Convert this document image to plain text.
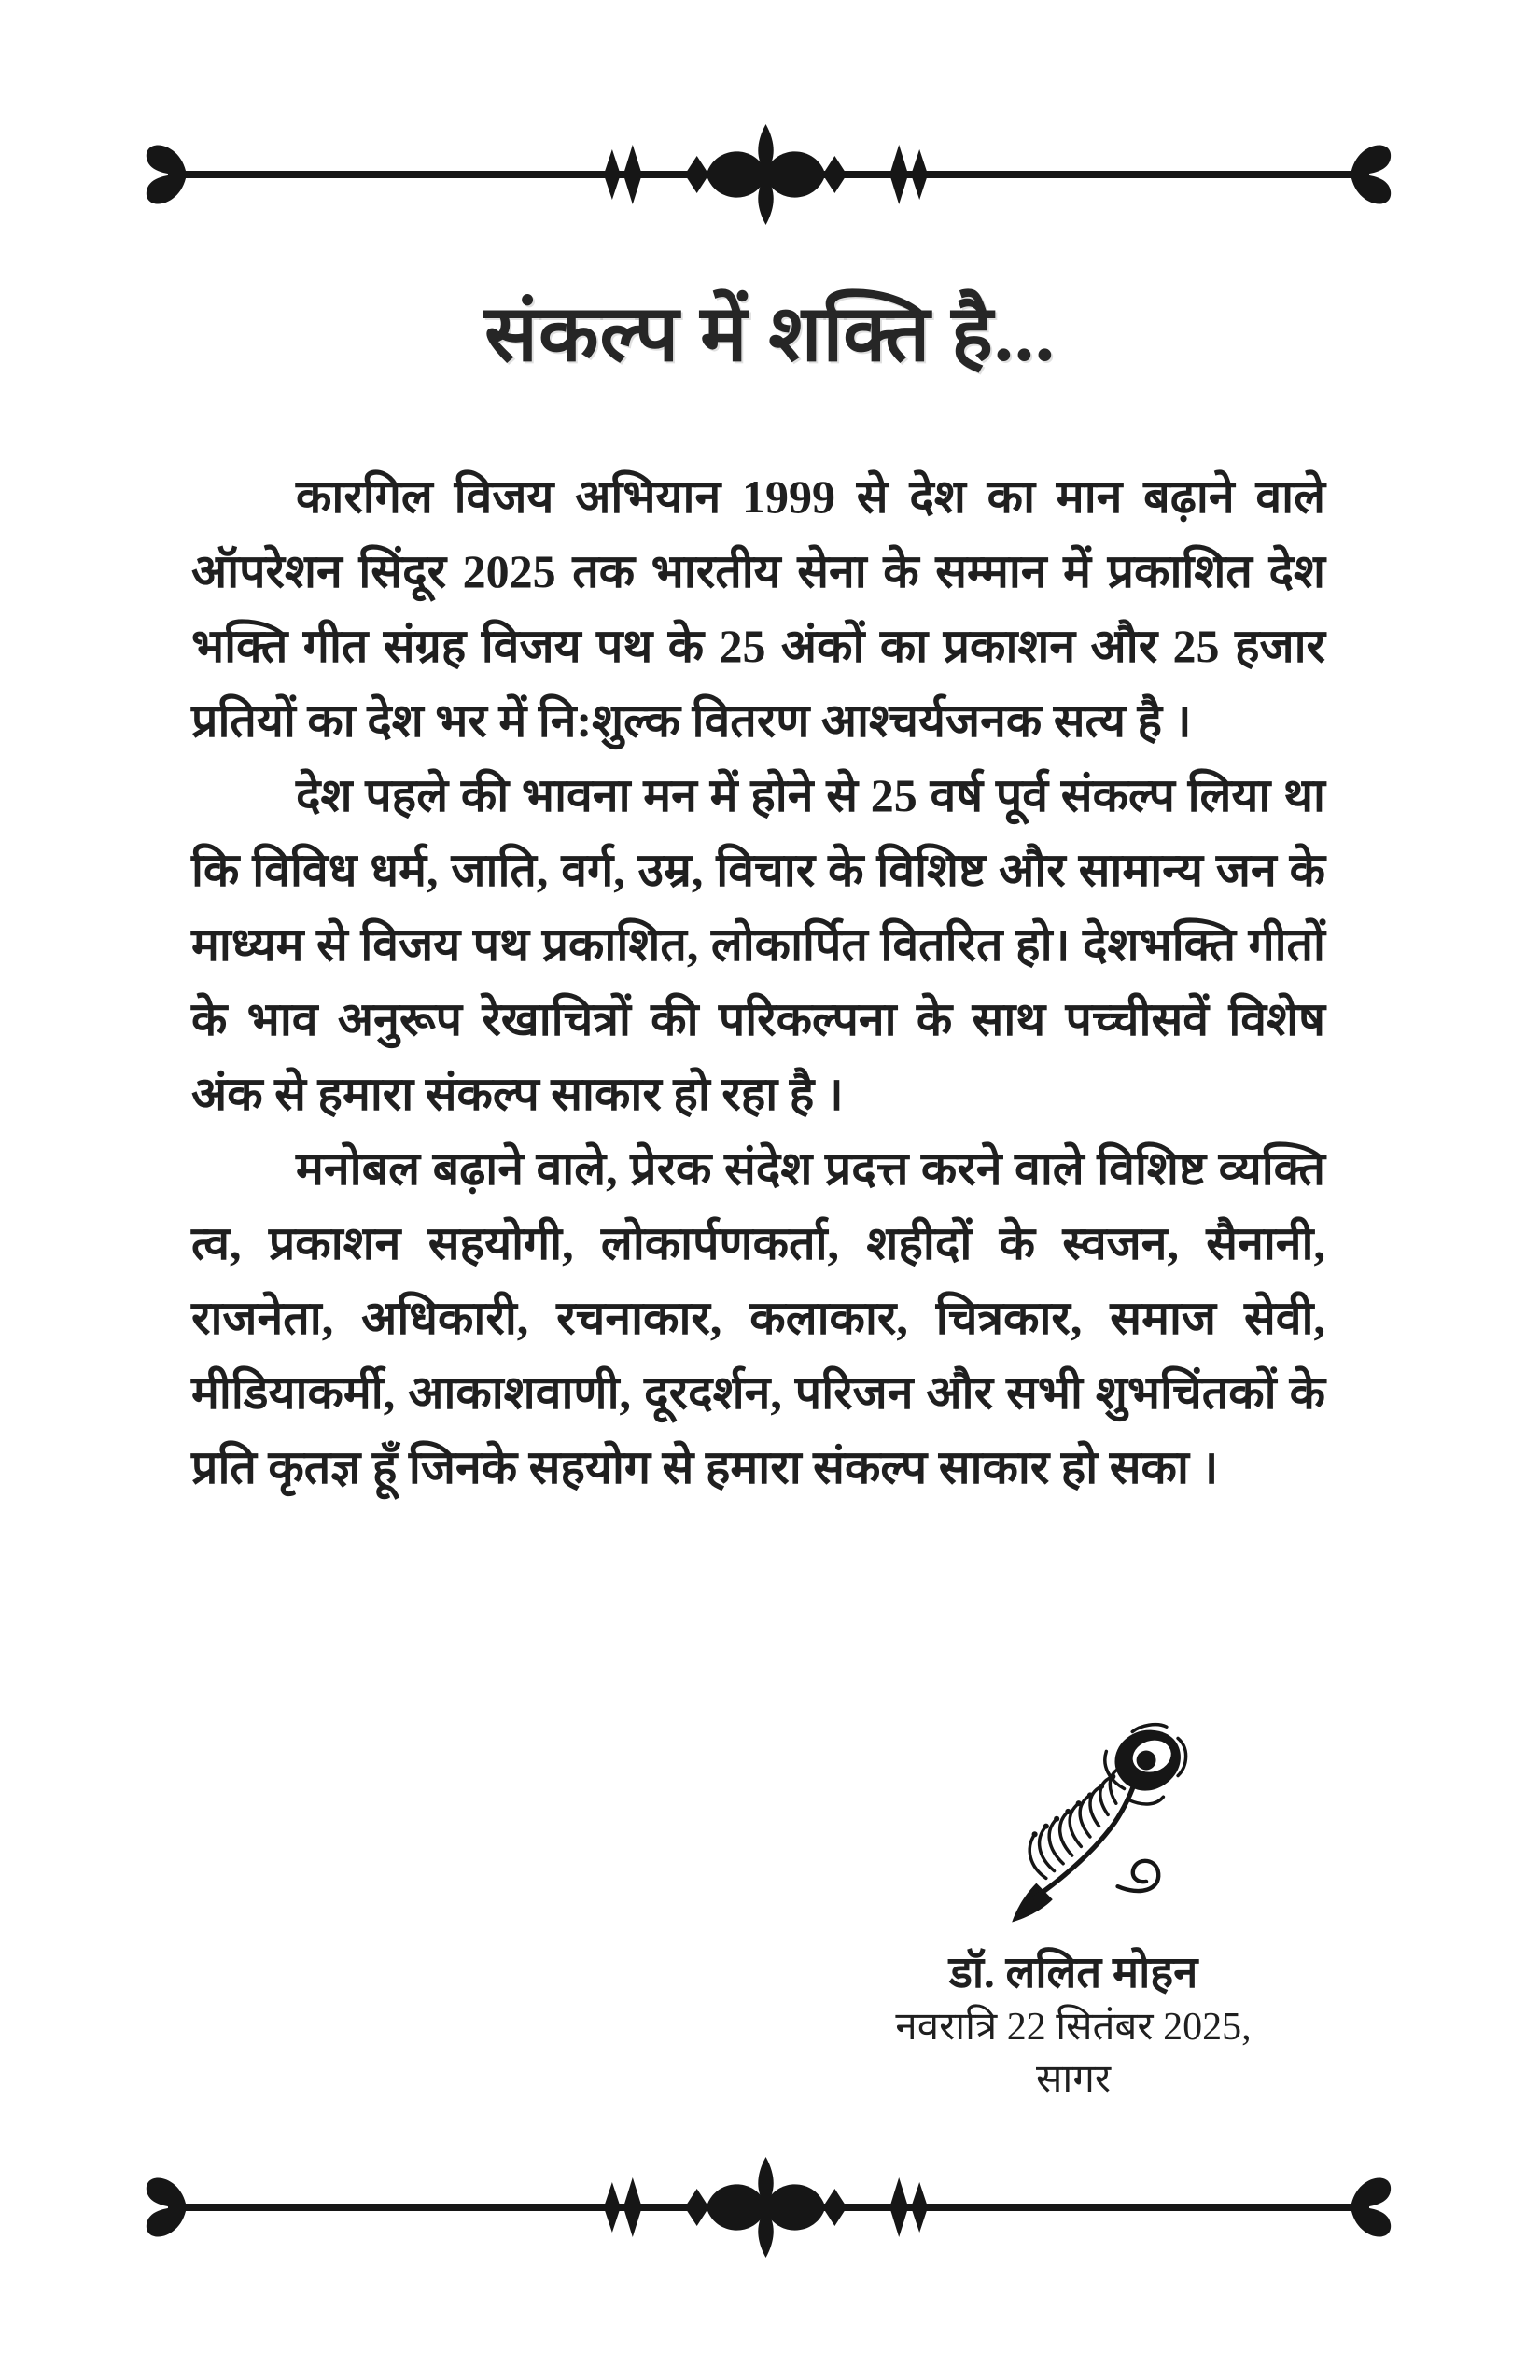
संकल्प में शक्ति है...

कारगिल विजय अभियान 1999 से देश का मान बढ़ाने वाले ऑपरेशन सिंदूर 2025 तक भारतीय सेना के सम्मान में प्रकाशित देश भक्ति गीत संग्रह विजय पथ के 25 अंकों का प्रकाशन और 25 हजार प्रतियों का देश भर में नि:शुल्क वितरण आश्चर्यजनक सत्य है ।

देश पहले की भावना मन में होने से 25 वर्ष पूर्व संकल्प लिया था कि विविध धर्म, जाति, वर्ग, उम्र, विचार के विशिष्ट और सामान्य जन के माध्यम से विजय पथ प्रकाशित, लोकार्पित वितरित हो। देशभक्ति गीतों के भाव अनुरूप रेखाचित्रों की परिकल्पना के साथ पच्चीसवें विशेष अंक से हमारा संकल्प साकार हो रहा है ।

मनोबल बढ़ाने वाले, प्रेरक संदेश प्रदत्त करने वाले विशिष्ट व्यक्ति त्व, प्रकाशन सहयोगी, लोकार्पणकर्ता, शहीदों के स्वजन, सैनानी, राजनेता, अधिकारी, रचनाकार, कलाकार, चित्रकार, समाज सेवी, मीडियाकर्मी, आकाशवाणी, दूरदर्शन, परिजन और सभी शुभचिंतकों के प्रति कृतज्ञ हूँ जिनके सहयोग से हमारा संकल्प साकार हो सका ।

डॉ. ललित मोहन
नवरात्रि 22 सितंबर 2025,
सागर
